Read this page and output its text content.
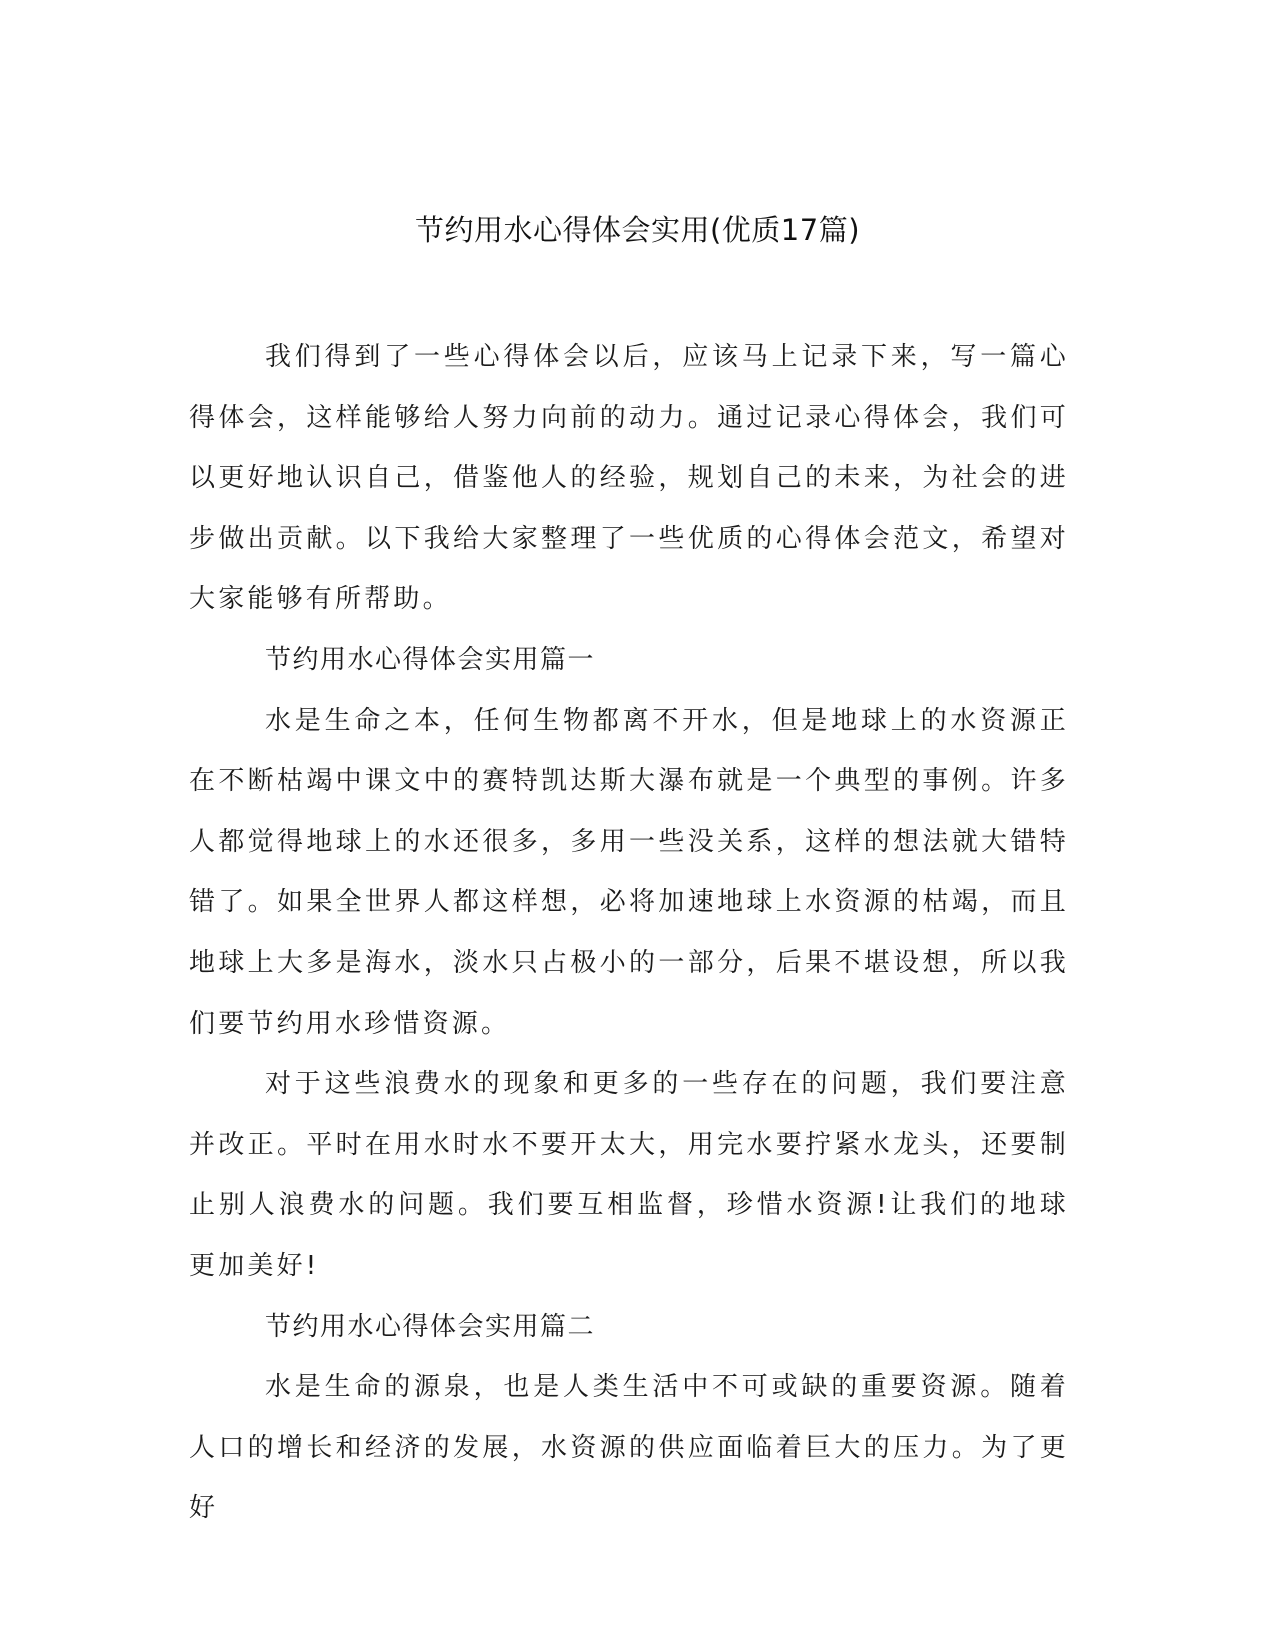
节约用水心得体会实用(优质17篇)

我们得到了一些心得体会以后，应该马上记录下来，写一篇心得体会，这样能够给人努力向前的动力。通过记录心得体会，我们可以更好地认识自己，借鉴他人的经验，规划自己的未来，为社会的进步做出贡献。以下我给大家整理了一些优质的心得体会范文，希望对大家能够有所帮助。

节约用水心得体会实用篇一

水是生命之本，任何生物都离不开水，但是地球上的水资源正在不断枯竭中课文中的赛特凯达斯大瀑布就是一个典型的事例。许多人都觉得地球上的水还很多，多用一些没关系，这样的想法就大错特错了。如果全世界人都这样想，必将加速地球上水资源的枯竭，而且地球上大多是海水，淡水只占极小的一部分，后果不堪设想，所以我们要节约用水珍惜资源。

对于这些浪费水的现象和更多的一些存在的问题，我们要注意并改正。平时在用水时水不要开太大，用完水要拧紧水龙头，还要制止别人浪费水的问题。我们要互相监督，珍惜水资源!让我们的地球更加美好!

节约用水心得体会实用篇二

水是生命的源泉，也是人类生活中不可或缺的重要资源。随着人口的增长和经济的发展，水资源的供应面临着巨大的压力。为了更好
